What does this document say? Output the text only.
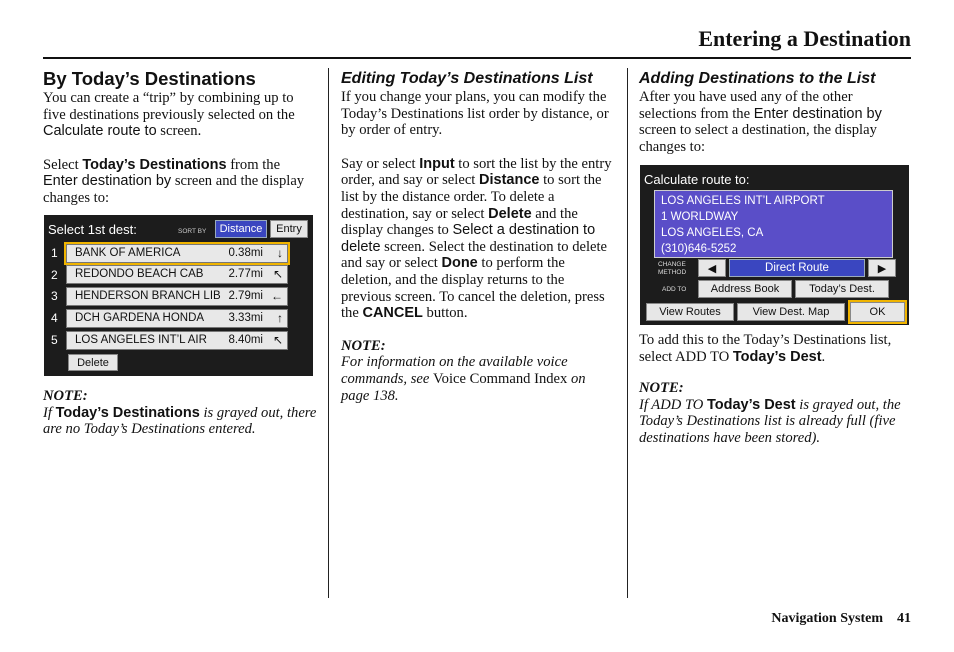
Entering a Destination
By Today’s Destinations

You can create a “trip” by combining up to five destinations previously selected on the Calculate route to screen.

Select Today’s Destinations from the Enter destination by screen and the display changes to:

Select 1st dest:	SORT BY	Distance	Entry
1 BANK OF AMERICA	0.38mi ↓
2 REDONDO BEACH CAB 2.77mi ↖
3 HENDERSON BRANCH LIB 2.79mi ←
4 DCH GARDENA HONDA 3.33mi ↑
5 LOS ANGELES INT’L AIR 8.40mi ↖
Delete

NOTE:

If Today’s Destinations is grayed out, there are no Today’s Destinations entered.

Editing Today’s Destinations List

If you change your plans, you can modify the Today’s Destinations list order by distance, or by order of entry.

Say or select Input to sort the list by the entry order, and say or select Distance to sort the list by the distance order. To delete a destination, say or select Delete and the display changes to Select a destination to delete screen. Select the destination to delete and say or select Done to perform the deletion, and the display returns to the previous screen. To cancel the deletion, press the CANCEL button.

NOTE:

For information on the available voice commands, see Voice Command Index on page 138.

Adding Destinations to the List

After you have used any of the other selections from the Enter destination by screen to select a destination, the display changes to:

Calculate route to:
LOS ANGELES INT’L AIRPORT
1 WORLDWAY
LOS ANGELES, CA
(310)646-5252
CHANGE METHOD	◀	Direct Route	▶
ADD TO	Address Book	Today’s Dest.
View Routes	View Dest. Map	OK

To add this to the Today’s Destinations list, select ADD TO Today’s Dest.

NOTE:

If ADD TO Today’s Dest is grayed out, the Today’s Destinations list is already full (five destinations have been stored).

Navigation System 41
